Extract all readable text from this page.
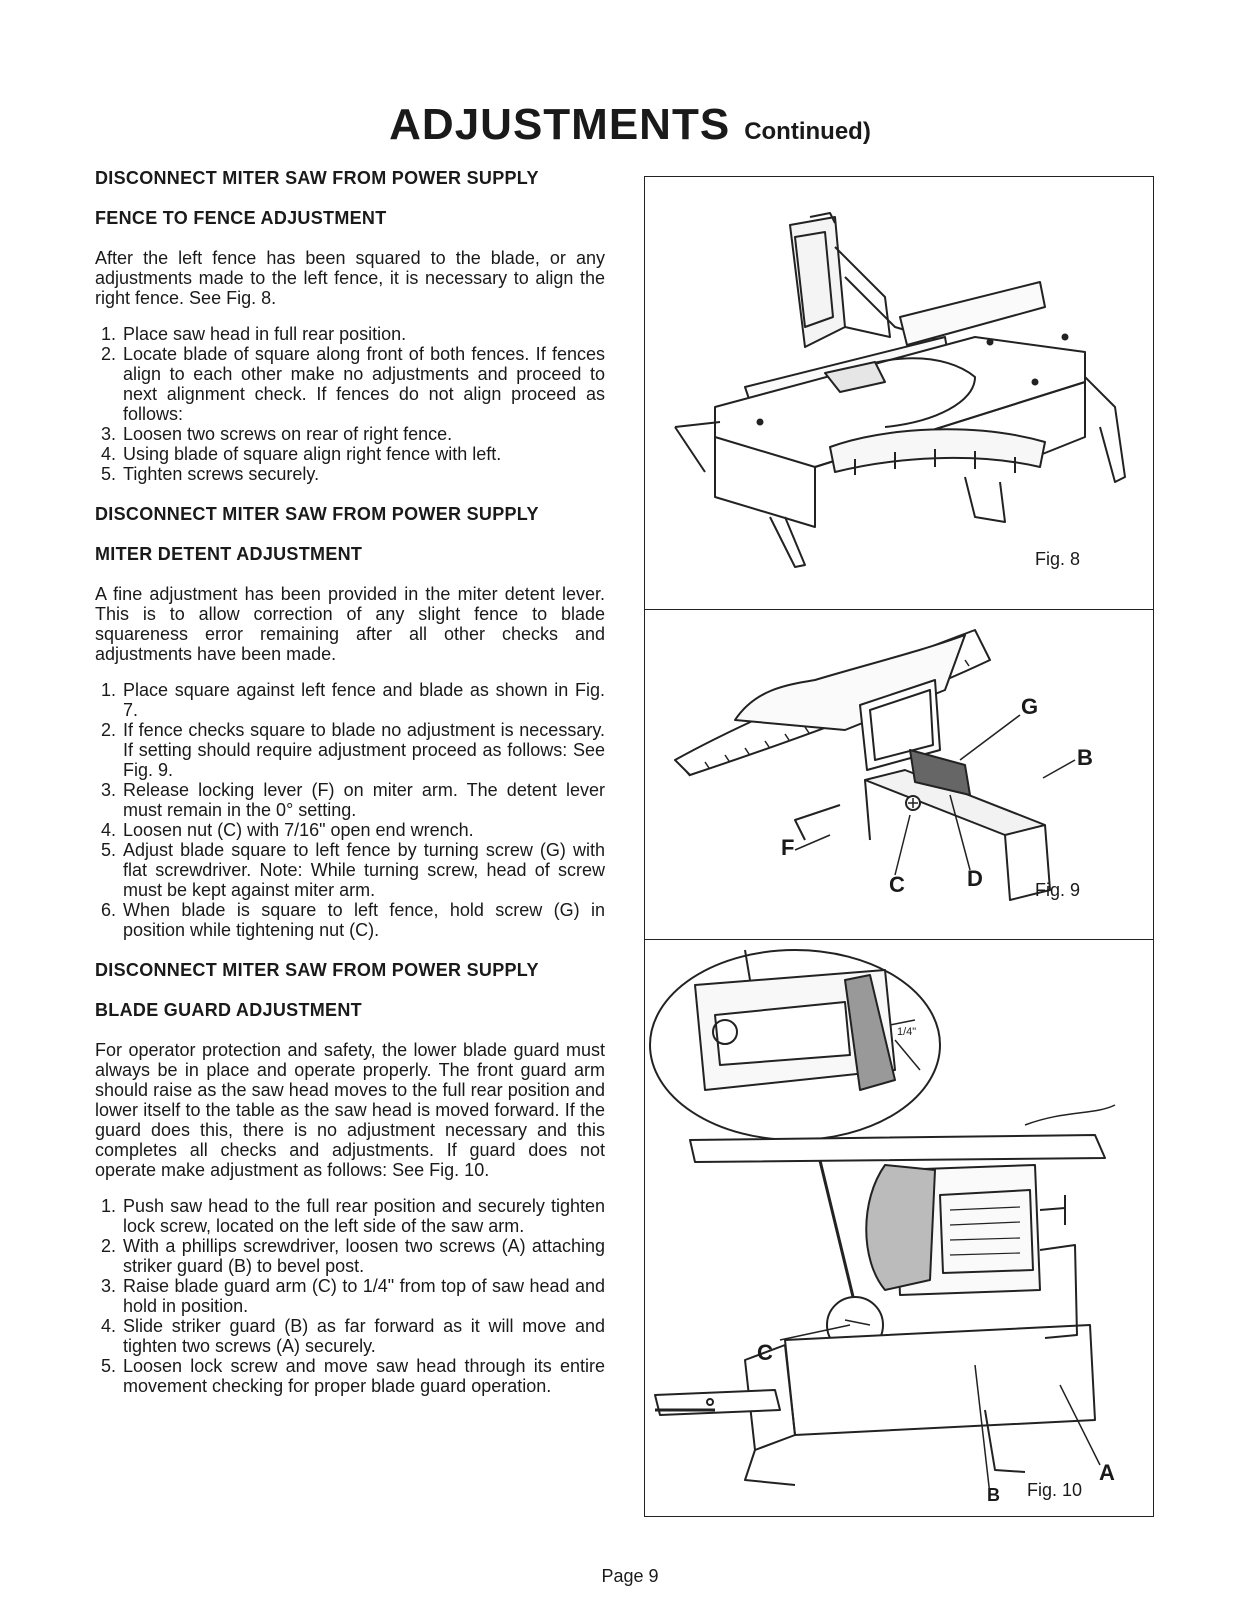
ADJUSTMENTS Continued)
DISCONNECT MITER SAW FROM POWER SUPPLY
FENCE TO FENCE ADJUSTMENT

After the left fence has been squared to the blade, or any adjustments made to the left fence, it is necessary to align the right fence. See Fig. 8.

1. Place saw head in full rear position.
2. Locate blade of square along front of both fences. If fences align to each other make no adjustments and proceed to next alignment check. If fences do not align proceed as follows:
3. Loosen two screws on rear of right fence.
4. Using blade of square align right fence with left.
5. Tighten screws securely.
DISCONNECT MITER SAW FROM POWER SUPPLY
MITER DETENT ADJUSTMENT

A fine adjustment has been provided in the miter detent lever. This is to allow correction of any slight fence to blade squareness error remaining after all other checks and adjustments have been made.

1. Place square against left fence and blade as shown in Fig. 7.
2. If fence checks square to blade no adjustment is necessary. If setting should require adjustment proceed as follows: See Fig. 9.
3. Release locking lever (F) on miter arm. The detent lever must remain in the 0° setting.
4. Loosen nut (C) with 7/16" open end wrench.
5. Adjust blade square to left fence by turning screw (G) with flat screwdriver. Note: While turning screw, head of screw must be kept against miter arm.
6. When blade is square to left fence, hold screw (G) in position while tightening nut (C).
DISCONNECT MITER SAW FROM POWER SUPPLY
BLADE GUARD ADJUSTMENT

For operator protection and safety, the lower blade guard must always be in place and operate properly. The front guard arm should raise as the saw head moves to the full rear position and lower itself to the table as the saw head is moved forward. If the guard does this, there is no adjustment necessary and this completes all checks and adjustments. If guard does not operate make adjustment as follows: See Fig. 10.

1. Push saw head to the full rear position and securely tighten lock screw, located on the left side of the saw arm.
2. With a phillips screwdriver, loosen two screws (A) attaching striker guard (B) to bevel post.
3. Raise blade guard arm (C) to 1/4" from top of saw head and hold in position.
4. Slide striker guard (B) as far forward as it will move and tighten two screws (A) securely.
5. Loosen lock screw and move saw head through its entire movement checking for proper blade guard operation.
Fig. 8
G
B
F
C	D	Fig. 9
1/4"
C
A
B Fig. 10
Page 9
